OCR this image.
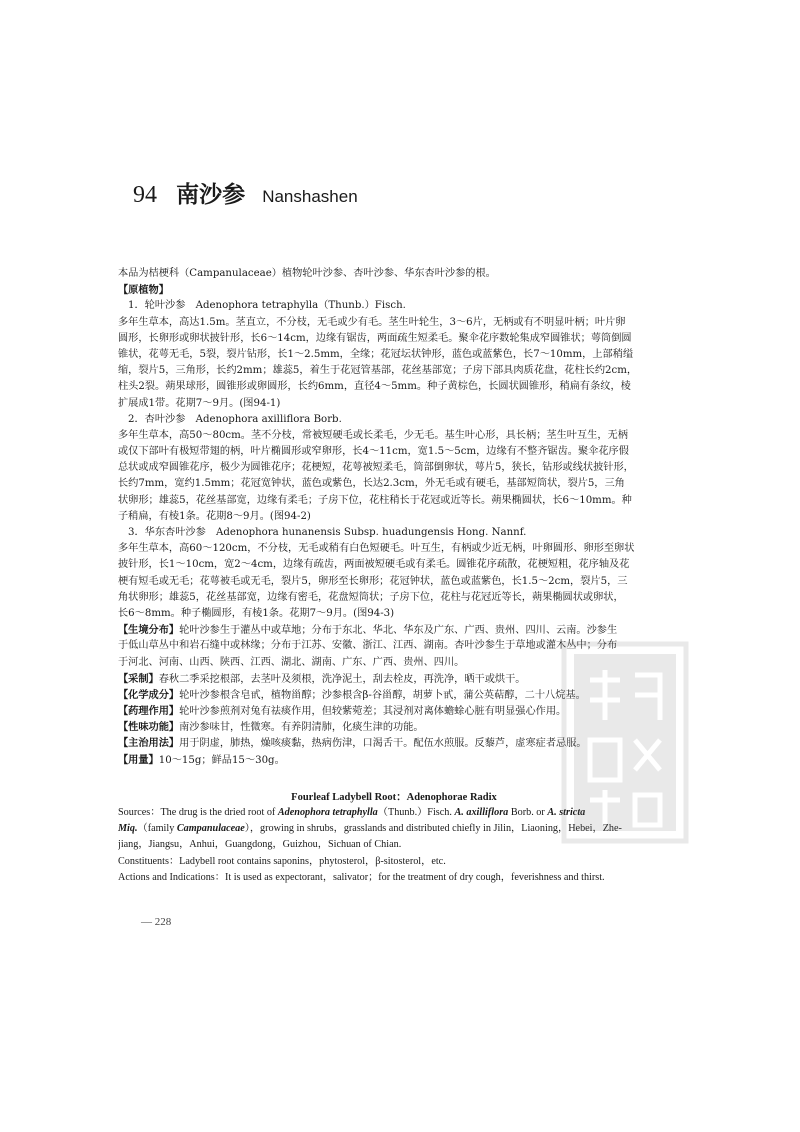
94 南沙参 Nanshashen
本品为桔梗科（Campanulaceae）植物轮叶沙参、杏叶沙参、华东杏叶沙参的根。
【原植物】
1．轮叶沙参　Adenophora tetraphylla（Thunb.）Fisch.
多年生草本，高达1.5m。茎直立，不分枝，无毛或少有毛。茎生叶轮生，3～6片，无柄或有不明显叶柄；叶片卵
圆形，长卵形或卵状披针形，长6～14cm，边缘有锯齿，两面疏生短柔毛。聚伞花序数轮集成窄圆锥状；萼筒倒圆
锥状，花萼无毛，5裂，裂片钻形，长1～2.5mm，全缘；花冠坛状钟形，蓝色或蓝紫色，长7～10mm，上部稍缢
缩，裂片5，三角形，长约2mm；雄蕊5，着生于花冠管基部，花丝基部宽；子房下部具肉质花盘，花柱长约2cm，
柱头2裂。蒴果球形，圆锥形或卵圆形，长约6mm，直径4～5mm。种子黄棕色，长圆状圆锥形，稍扁有条纹，棱
扩展成1带。花期7～9月。(图94-1)
2．杏叶沙参　Adenophora axilliflora Borb.
多年生草本，高50～80cm。茎不分枝，常被短硬毛或长柔毛，少无毛。基生叶心形，具长柄；茎生叶互生，无柄
或仅下部叶有极短带翅的柄，叶片椭圆形或窄卵形，长4～11cm，宽1.5～5cm，边缘有不整齐锯齿。聚伞花序假
总状或成窄圆锥花序，极少为圆锥花序；花梗短，花萼被短柔毛，筒部倒卵状，萼片5，狭长，钻形或线状披针形，
长约7mm，宽约1.5mm；花冠宽钟状，蓝色或紫色，长达2.3cm，外无毛或有硬毛，基部短筒状，裂片5，三角
状卵形；雄蕊5，花丝基部宽，边缘有柔毛；子房下位，花柱稍长于花冠或近等长。蒴果椭圆状，长6～10mm。种
子稍扁，有棱1条。花期8～9月。(图94-2)
3．华东杏叶沙参　Adenophora hunanensis Subsp. huadungensis Hong. Nannf.
多年生草本，高60～120cm，不分枝，无毛或稍有白色短硬毛。叶互生，有柄或少近无柄，叶卵圆形、卵形至卵状
披针形，长1～10cm，宽2～4cm，边缘有疏齿，两面被短硬毛或有柔毛。圆锥花序疏散，花梗短粗，花序轴及花
梗有短毛或无毛；花萼被毛或无毛，裂片5，卵形至长卵形；花冠钟状，蓝色或蓝紫色，长1.5～2cm，裂片5，三
角状卵形；雄蕊5，花丝基部宽，边缘有密毛，花盘短筒状；子房下位，花柱与花冠近等长，蒴果椭圆状或卵状，
长6～8mm。种子椭圆形，有棱1条。花期7～9月。(图94-3)
【生境分布】轮叶沙参生于灌丛中或草地；分布于东北、华北、华东及广东、广西、贵州、四川、云南。沙参生
于低山草丛中和岩石缝中或林缘；分布于江苏、安徽、浙江、江西、湖南。杏叶沙参生于草地或灌木丛中；分布
于河北、河南、山西、陕西、江西、湖北、湖南、广东、广西、贵州、四川。
【采制】春秋二季采挖根部，去茎叶及须根，洗净泥土，刮去栓皮，再洗净，晒干或烘干。
【化学成分】轮叶沙参根含皂甙，植物甾醇；沙参根含β-谷甾醇，胡萝卜甙，蒲公英萜醇，二十八烷基。
【药理作用】轮叶沙参煎剂对兔有祛痰作用，但较紫菀差；其浸剂对离体蟾蜍心脏有明显强心作用。
【性味功能】南沙参味甘，性微寒。有养阴清肺，化痰生津的功能。
【主治用法】用于阴虚，肺热，燥咳痰黏，热病伤津，口渴舌干。配伍水煎服。反藜芦，虚寒症者忌服。
【用量】10～15g；鲜品15～30g。
Fourleaf Ladybell Root：Adenophorae Radix
Sources：The drug is the dried root of Adenophora tetraphylla（Thunb.）Fisch. A. axilliflora Borb. or A. stricta
Miq.（family Campanulaceae），growing in shrubs，grasslands and distributed chiefly in Jilin，Liaoning，Hebei，Zhe-
jiang，Jiangsu，Anhui，Guangdong，Guizhou，Sichuan of Chian.
Constituents：Ladybell root contains saponins，phytosterol，β-sitosterol，etc.
Actions and Indications：It is used as expectorant，salivator；for the treatment of dry cough，feverishness and thirst.
— 228
